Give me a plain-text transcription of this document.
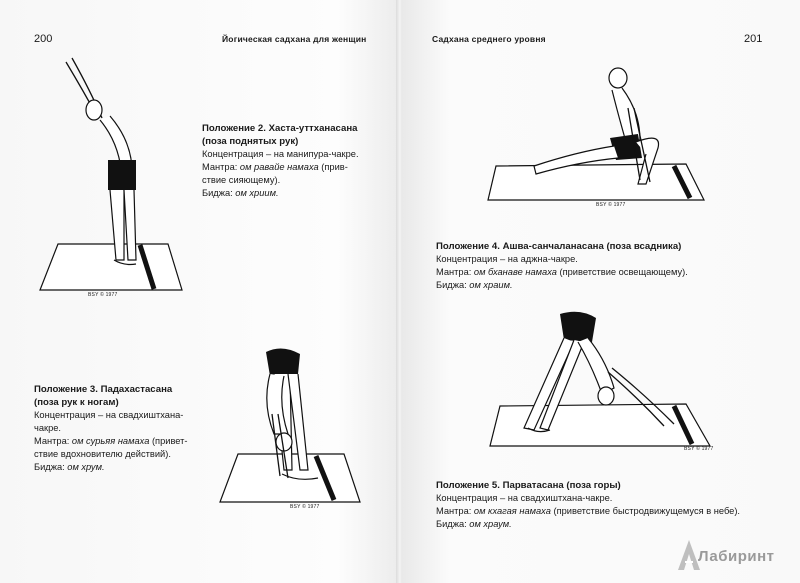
200	Йогическая садхана для женщин	Садхана среднего уровня	201
BSY © 1977
Положение 2. Хаста-уттханасана
(поза поднятых рук)
Концентрация – на манипура-чакре.
Мантра: ом равайе намаха (прив-
ствие сияющему).
Биджа: ом хриим.
BSY © 1977
Положение 3. Падахастасана
(поза рук к ногам)
Концентрация – на свадхиштхана-
чакре.
Мантра: ом сурьяя намаха (привет-
ствие вдохновителю действий).
Биджа: ом хрум.
BSY © 1977
Положение 4. Ашва-санчаланасана (поза всадника)
Концентрация – на аджна-чакре.
Мантра: ом бханаве намаха (приветствие освещающему).
Биджа: ом храим.
BSY © 1977
Положение 5. Парватасана (поза горы)
Концентрация – на свадхиштхана-чакре.
Мантра: ом кхагая намаха (приветствие быстродвижущемуся в небе).
Биджа: ом храум.
Лабиринт
